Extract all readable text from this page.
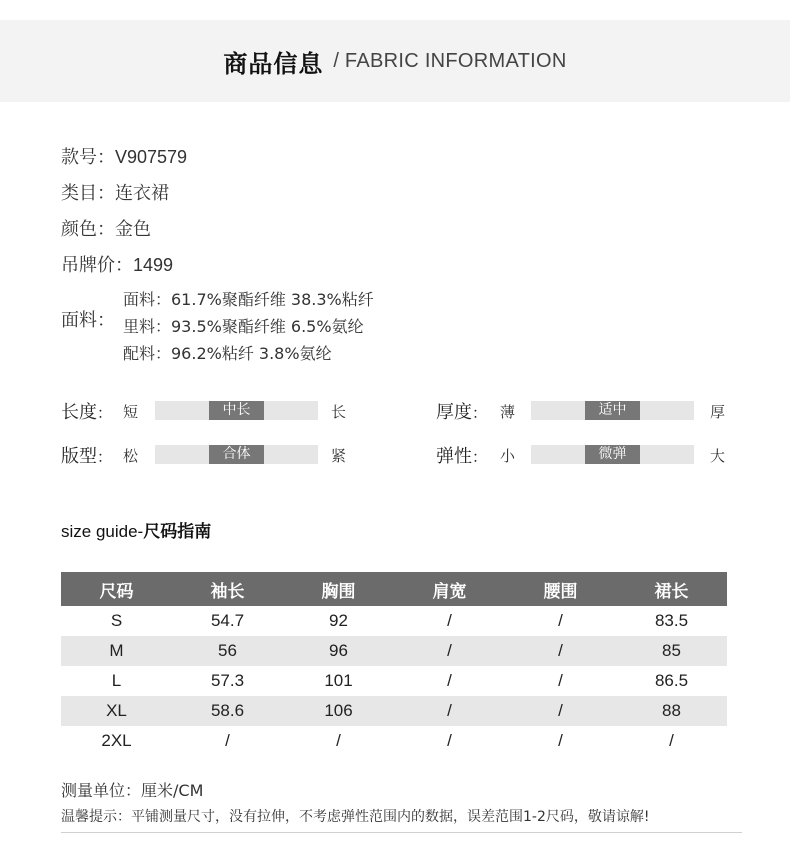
商品信息 / FABRIC INFORMATION
款号：V907579
类目：连衣裙
颜色：金色
吊牌价：1499
面料：
面料：61.7%聚酯纤维 38.3%粘纤
里料：93.5%聚酯纤维 6.5%氨纶
配料：96.2%粘纤 3.8%氨纶
长度： 短	中长	长	厚度： 薄	适中	厚
版型： 松	合体	紧	弹性： 小	微弹	大
size guide-尺码指南
尺码	袖长	胸围	肩宽	腰围	裙长
S	54.7	92	/	/	83.5
M	56	96	/	/	85
L	57.3	101	/	/	86.5
XL	58.6	106	/	/	88
2XL	/	/	/	/	/
测量单位：厘米/CM
温馨提示：平铺测量尺寸，没有拉伸，不考虑弹性范围内的数据，误差范围1-2尺码，敬请谅解!
